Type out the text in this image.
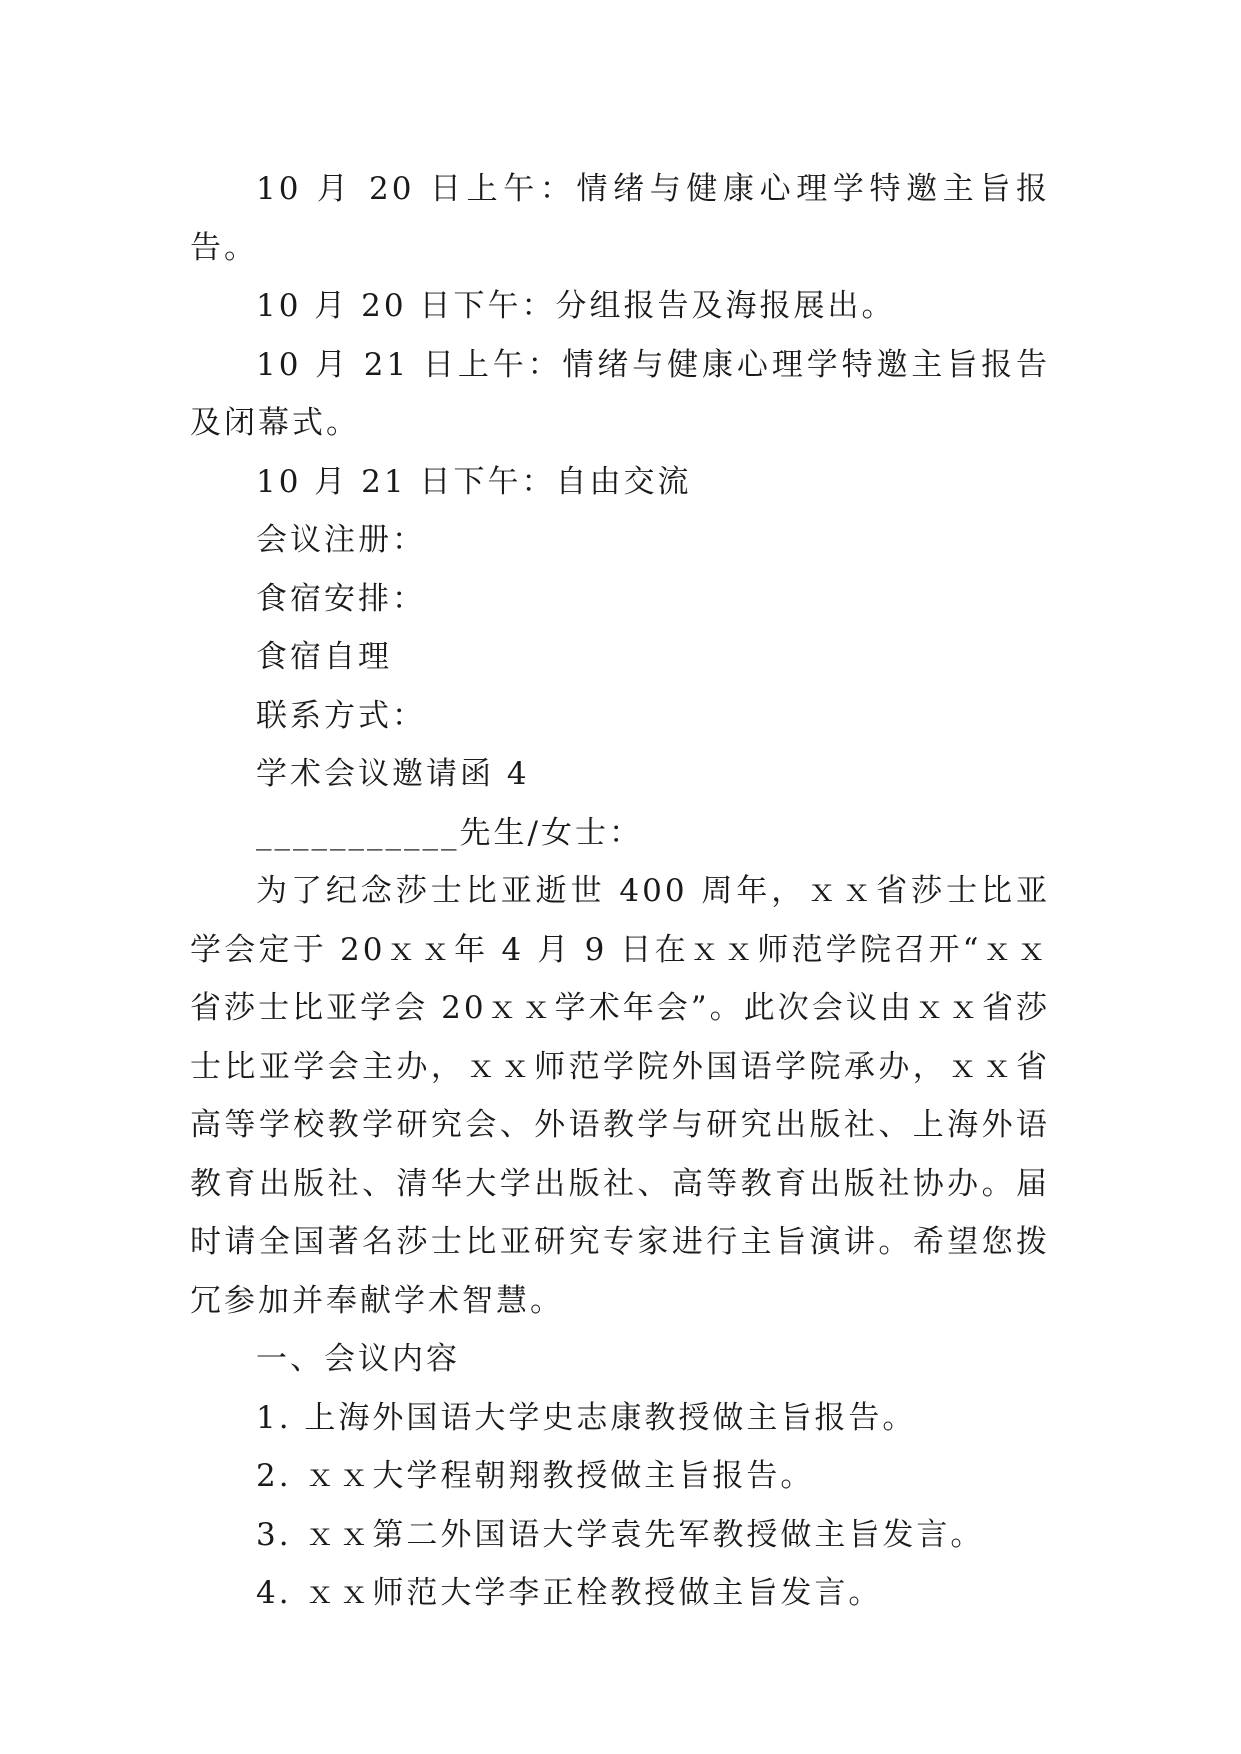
10 月 20 日上午：情绪与健康心理学特邀主旨报告。

10 月 20 日下午：分组报告及海报展出。

10 月 21 日上午：情绪与健康心理学特邀主旨报告及闭幕式。

10 月 21 日下午：自由交流

会议注册：

食宿安排：

食宿自理

联系方式：

学术会议邀请函 4

___________先生/女士：

为了纪念莎士比亚逝世 400 周年，ｘｘ省莎士比亚学会定于 20ｘｘ年 4 月 9 日在ｘｘ师范学院召开“ｘｘ省莎士比亚学会 20ｘｘ学术年会”。此次会议由ｘｘ省莎士比亚学会主办，ｘｘ师范学院外国语学院承办，ｘｘ省高等学校教学研究会、外语教学与研究出版社、上海外语教育出版社、清华大学出版社、高等教育出版社协办。届时请全国著名莎士比亚研究专家进行主旨演讲。希望您拨冗参加并奉献学术智慧。

一、会议内容

1. 上海外国语大学史志康教授做主旨报告。

2. ｘｘ大学程朝翔教授做主旨报告。

3. ｘｘ第二外国语大学袁先军教授做主旨发言。

4. ｘｘ师范大学李正栓教授做主旨发言。
